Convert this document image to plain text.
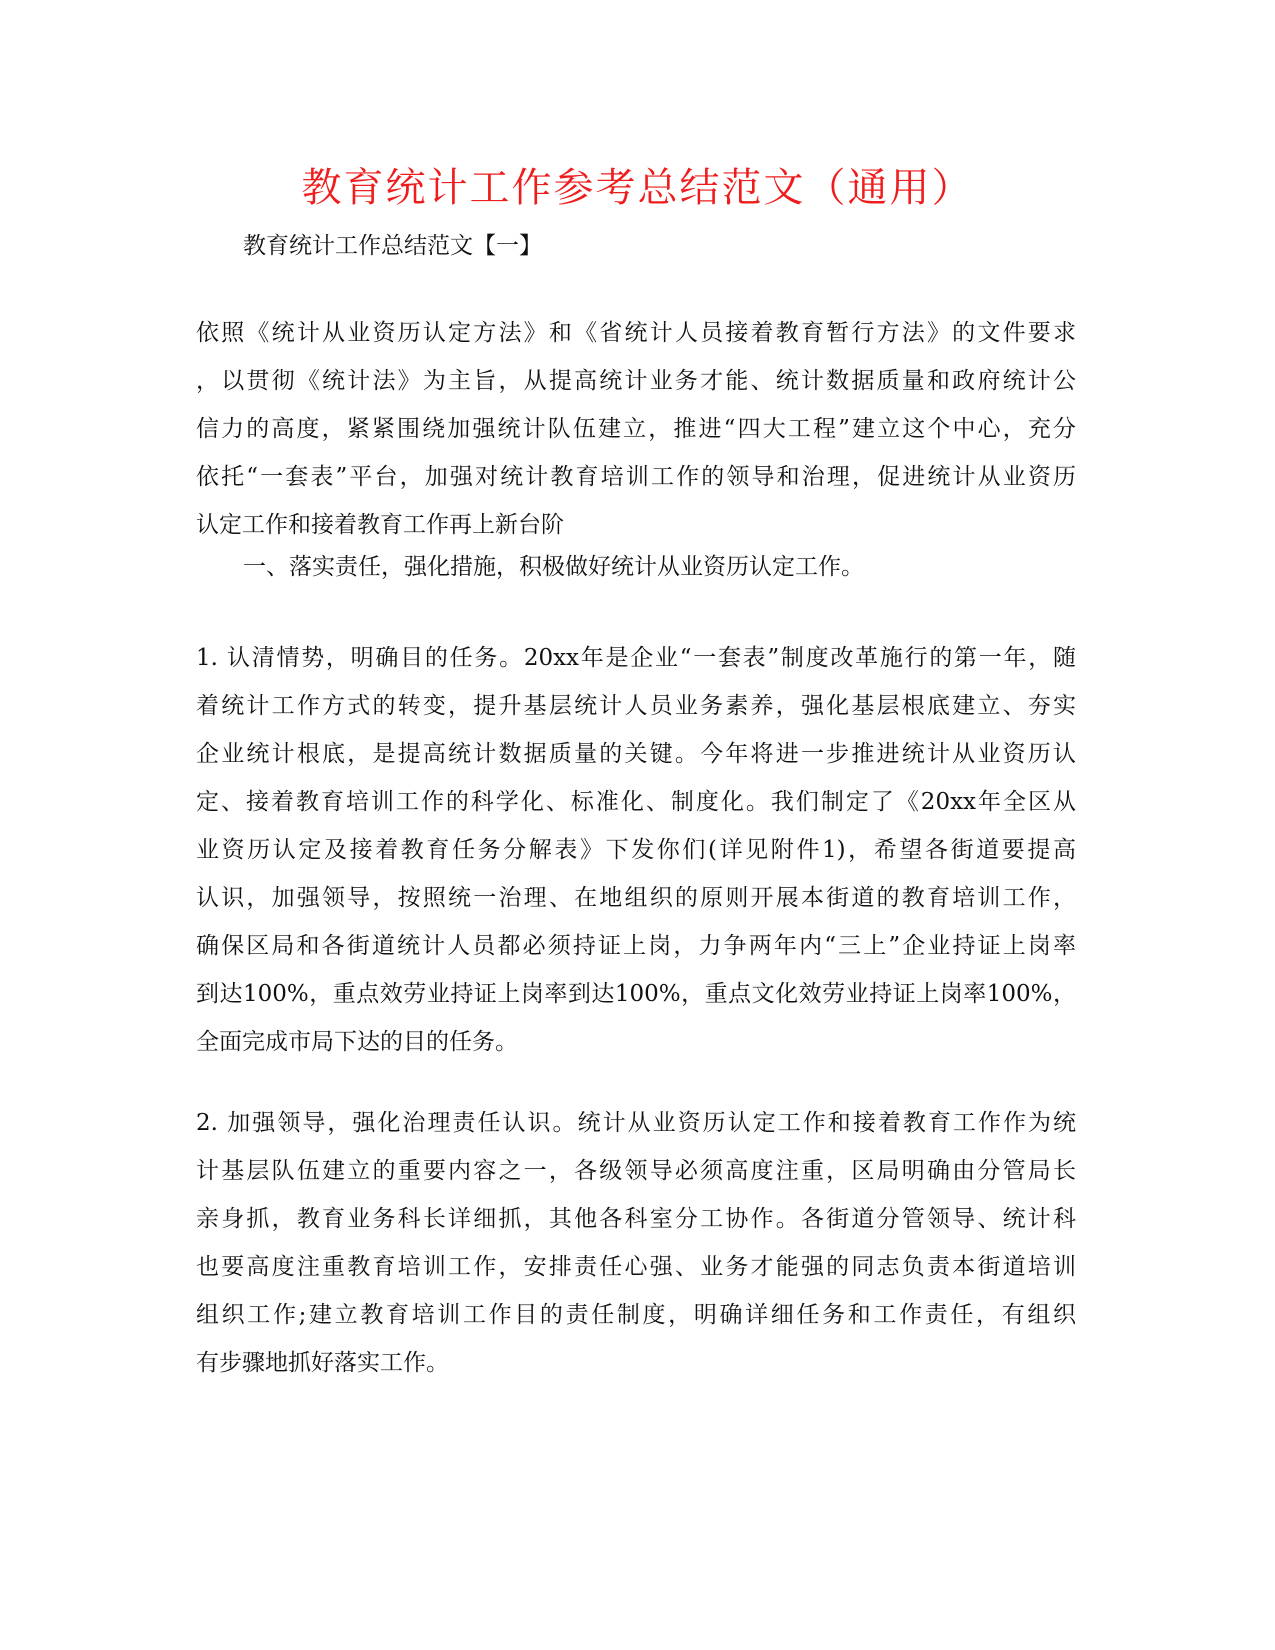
教育统计工作参考总结范文（通用）
教育统计工作总结范文【一】
依照《统计从业资历认定方法》和《省统计人员接着教育暂行方法》的文件要求
，以贯彻《统计法》为主旨，从提高统计业务才能、统计数据质量和政府统计公
信力的高度，紧紧围绕加强统计队伍建立，推进“四大工程”建立这个中心，充分
依托“一套表”平台，加强对统计教育培训工作的领导和治理，促进统计从业资历
认定工作和接着教育工作再上新台阶
一、落实责任，强化措施，积极做好统计从业资历认定工作。
1. 认清情势，明确目的任务。20xx年是企业“一套表”制度改革施行的第一年，随
着统计工作方式的转变，提升基层统计人员业务素养，强化基层根底建立、夯实
企业统计根底，是提高统计数据质量的关键。今年将进一步推进统计从业资历认
定、接着教育培训工作的科学化、标准化、制度化。我们制定了《20xx年全区从
业资历认定及接着教育任务分解表》下发你们(详见附件1)，希望各街道要提高
认识，加强领导，按照统一治理、在地组织的原则开展本街道的教育培训工作，
确保区局和各街道统计人员都必须持证上岗，力争两年内“三上”企业持证上岗率
到达100%，重点效劳业持证上岗率到达100%，重点文化效劳业持证上岗率100%，
全面完成市局下达的目的任务。
2. 加强领导，强化治理责任认识。统计从业资历认定工作和接着教育工作作为统
计基层队伍建立的重要内容之一，各级领导必须高度注重，区局明确由分管局长
亲身抓，教育业务科长详细抓，其他各科室分工协作。各街道分管领导、统计科
也要高度注重教育培训工作，安排责任心强、业务才能强的同志负责本街道培训
组织工作;建立教育培训工作目的责任制度，明确详细任务和工作责任，有组织
有步骤地抓好落实工作。
